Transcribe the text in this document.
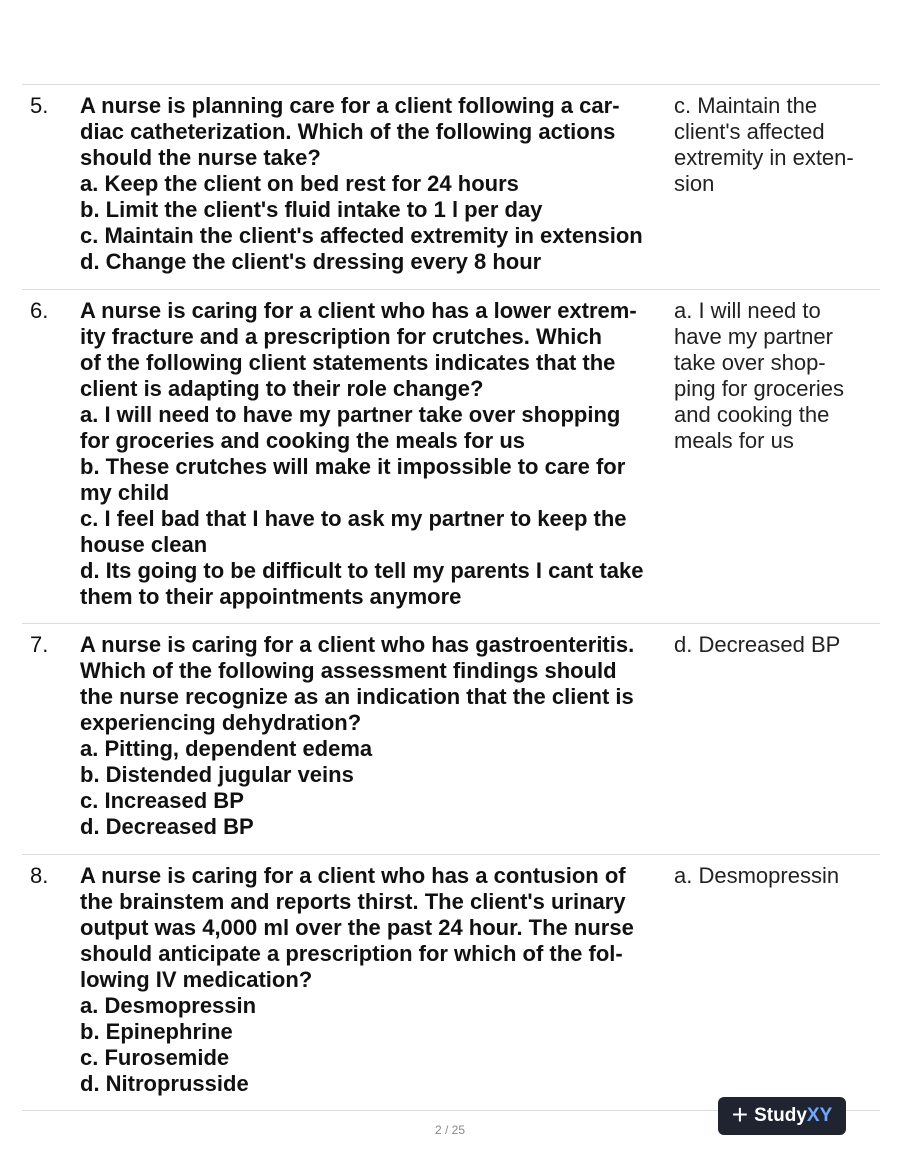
5. A nurse is planning care for a client following a car-
diac catheterization. Which of the following actions
should the nurse take?
a. Keep the client on bed rest for 24 hours
b. Limit the client's fluid intake to 1 l per day
c. Maintain the client's affected extremity in extension
d. Change the client's dressing every 8 hour
c. Maintain the
client's affected
extremity in exten-
sion
6. A nurse is caring for a client who has a lower extrem-
ity fracture and a prescription for crutches. Which
of the following client statements indicates that the
client is adapting to their role change?
a. I will need to have my partner take over shopping
for groceries and cooking the meals for us
b. These crutches will make it impossible to care for
my child
c. I feel bad that I have to ask my partner to keep the
house clean
d. Its going to be difficult to tell my parents I cant take
them to their appointments anymore
a. I will need to
have my partner
take over shop-
ping for groceries
and cooking the
meals for us
7. A nurse is caring for a client who has gastroenteritis.
Which of the following assessment findings should
the nurse recognize as an indication that the client is
experiencing dehydration?
a. Pitting, dependent edema
b. Distended jugular veins
c. Increased BP
d. Decreased BP
d. Decreased BP
8. A nurse is caring for a client who has a contusion of
the brainstem and reports thirst. The client's urinary
output was 4,000 ml over the past 24 hour. The nurse
should anticipate a prescription for which of the fol-
lowing IV medication?
a. Desmopressin
b. Epinephrine
c. Furosemide
d. Nitroprusside
a. Desmopressin
2 / 25
+ StudyXY
